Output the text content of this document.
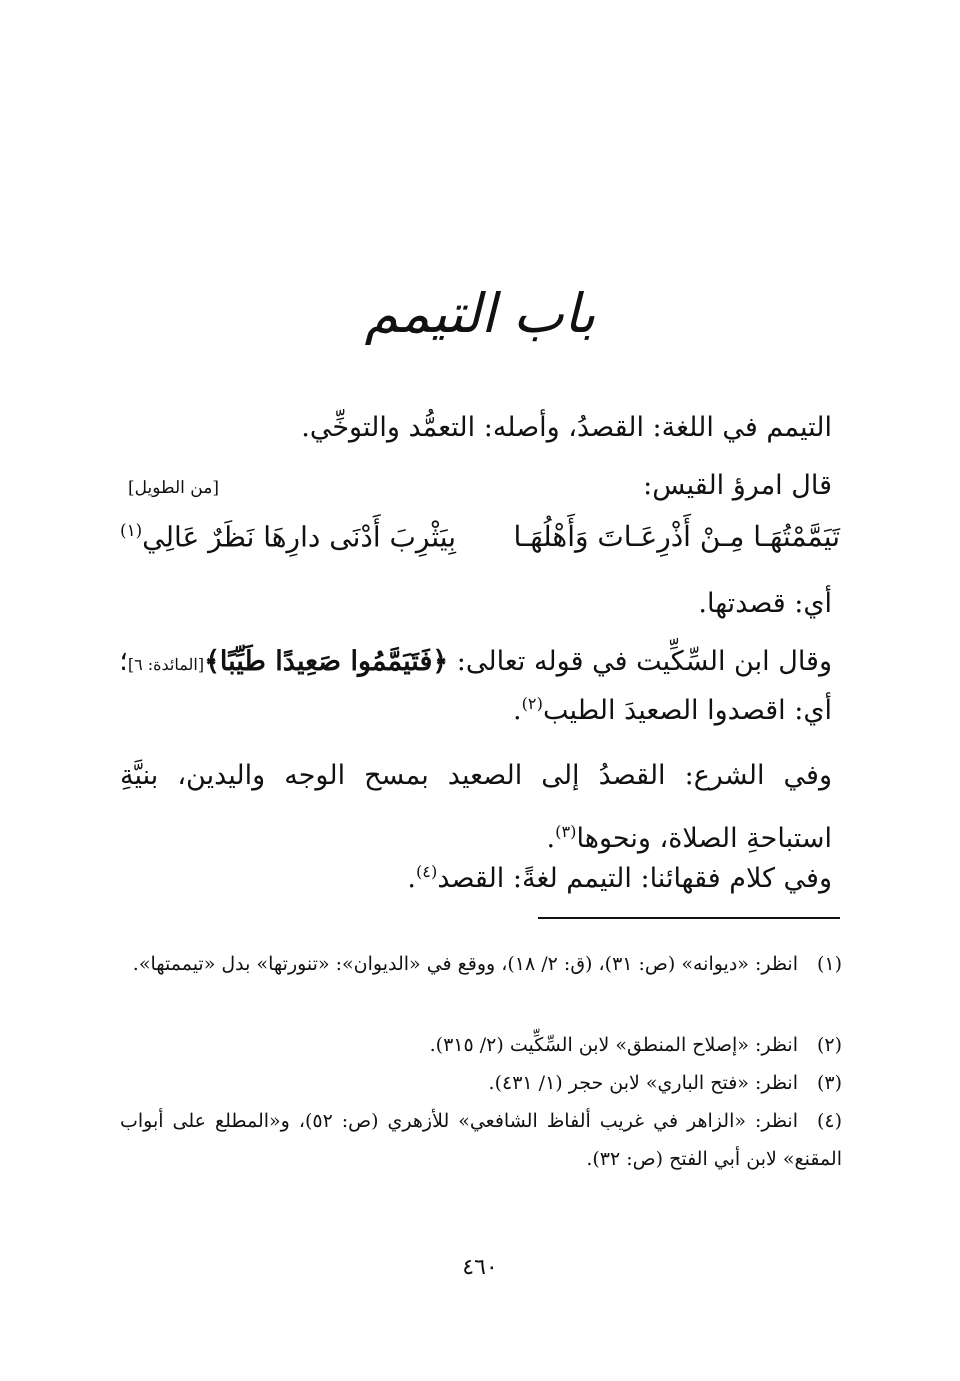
باب التيمم
التيمم في اللغة: القصدُ، وأصله: التعمُّد والتوخِّي.
قال امرؤ القيس:
[من الطويل]
تَيَمَّمْتُهَـا مِـنْ أَذْرِعَـاتَ وَأَهْلُهَـا
بِيَثْرِبَ أَدْنَى دارِهَا نَظَرٌ عَالِي$^{(١)}$
أي: قصدتها.
وقال ابن السِّكِّيت في قوله تعالى: ﴿فَتَيَمَّمُوا صَعِيدًا طَيِّبًا﴾[المائدة: ٦]؛
أي: اقصدوا الصعيدَ الطيب$^{(٢)}$.
وفي الشرع: القصدُ إلى الصعيد بمسح الوجه واليدين، بنيَّةِ استباحةِ الصلاة، ونحوها$^{(٣)}$.
وفي كلام فقهائنا: التيمم لغةً: القصد$^{(٤)}$.
(١)انظر: «ديوانه» (ص: ٣١)، (ق: ٢/ ١٨)، ووقع في «الديوان»: «تنورتها» بدل «تيممتها».
(٢)انظر: «إصلاح المنطق» لابن السِّكِّيت (٢/ ٣١٥).
(٣)انظر: «فتح الباري» لابن حجر (١/ ٤٣١).
(٤)انظر: «الزاهر في غريب ألفاظ الشافعي» للأزهري (ص: ٥٢)، و«المطلع على أبواب المقنع» لابن أبي الفتح (ص: ٣٢).
٤٦٠
